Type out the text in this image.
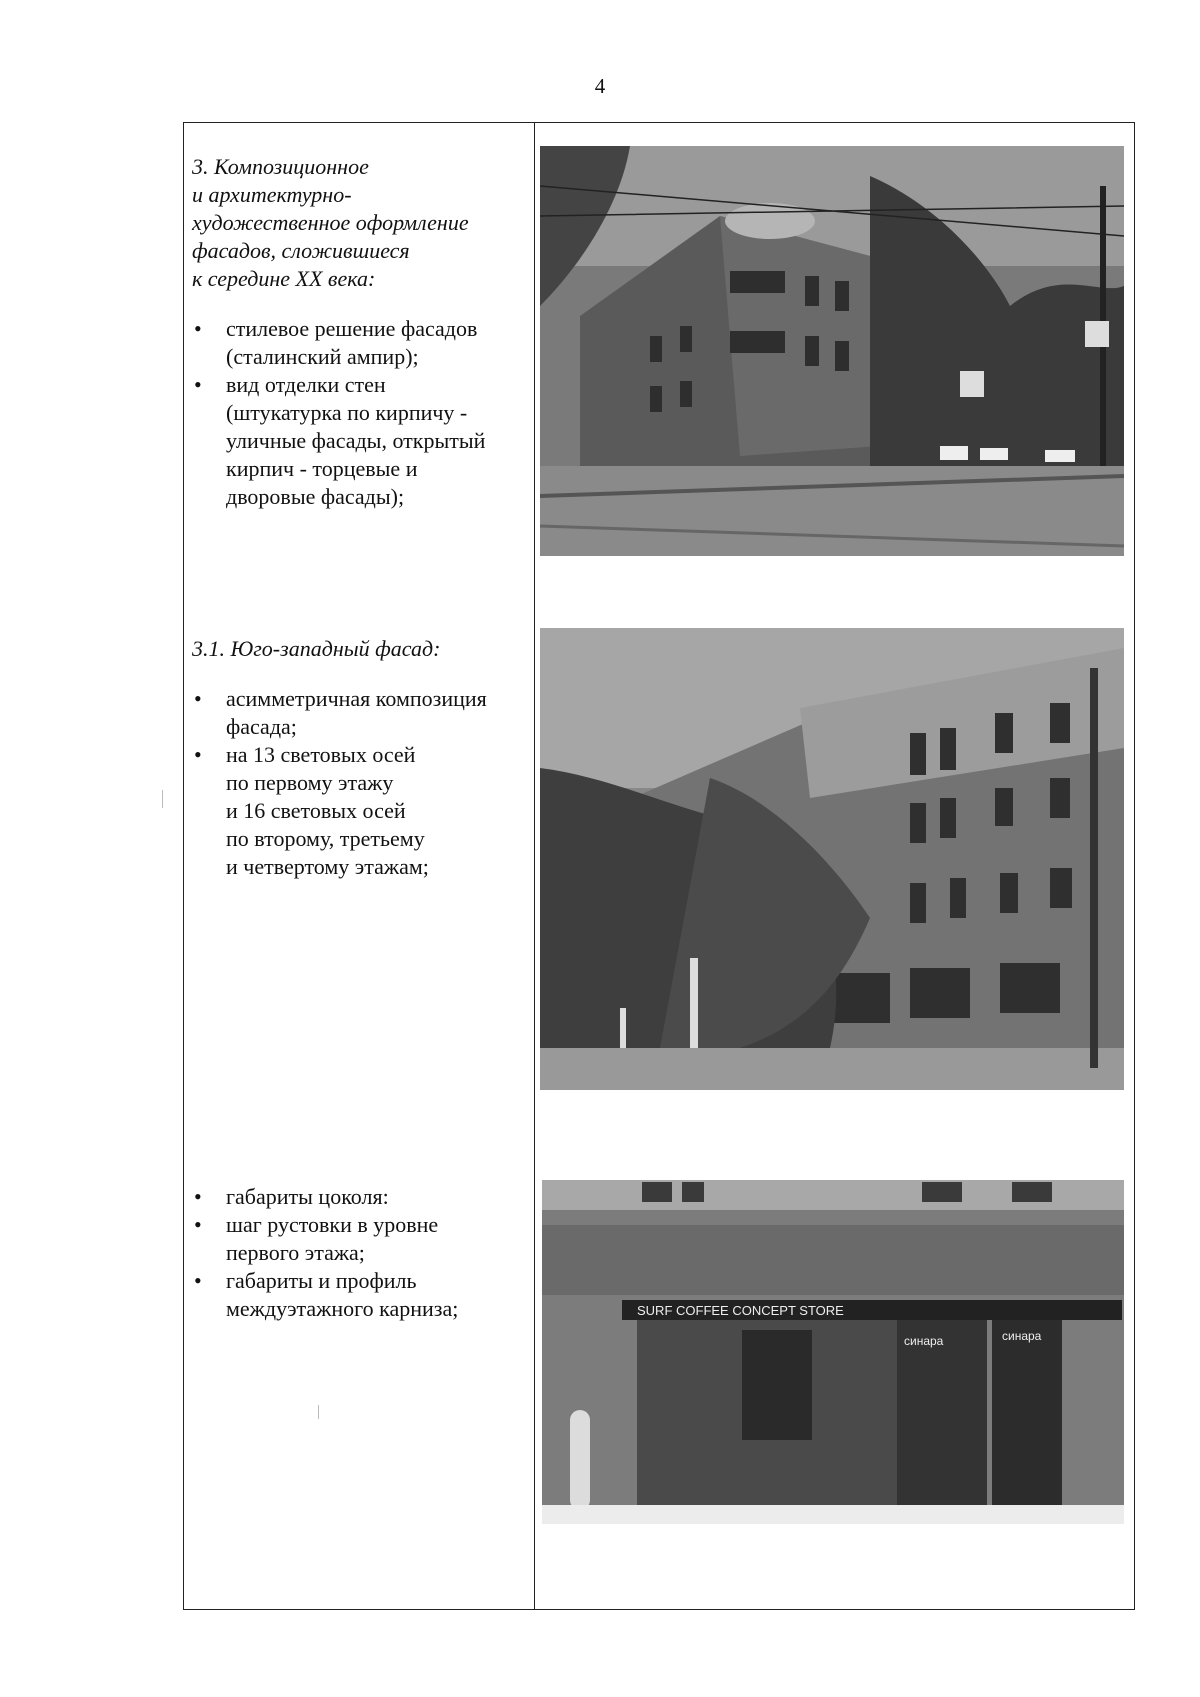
4
3. Композиционное
и архитектурно-
художественное оформление
фасадов, сложившиеся
к середине XX века:
• стилевое решение фасадов
(сталинский ампир);
• вид отделки стен
(штукатурка по кирпичу -
уличные фасады, открытый
кирпич - торцевые и
дворовые фасады);
3.1. Юго-западный фасад:
• асимметричная композиция
фасада;
• на 13 световых осей
по первому этажу
и 16 световых осей
по второму, третьему
и четвертому этажам;
• габариты цоколя:
• шаг рустовки в уровне
первого этажа;
• габариты и профиль
междуэтажного карниза;	SURF COFFEE CONCEPT STORE
синара	синара
